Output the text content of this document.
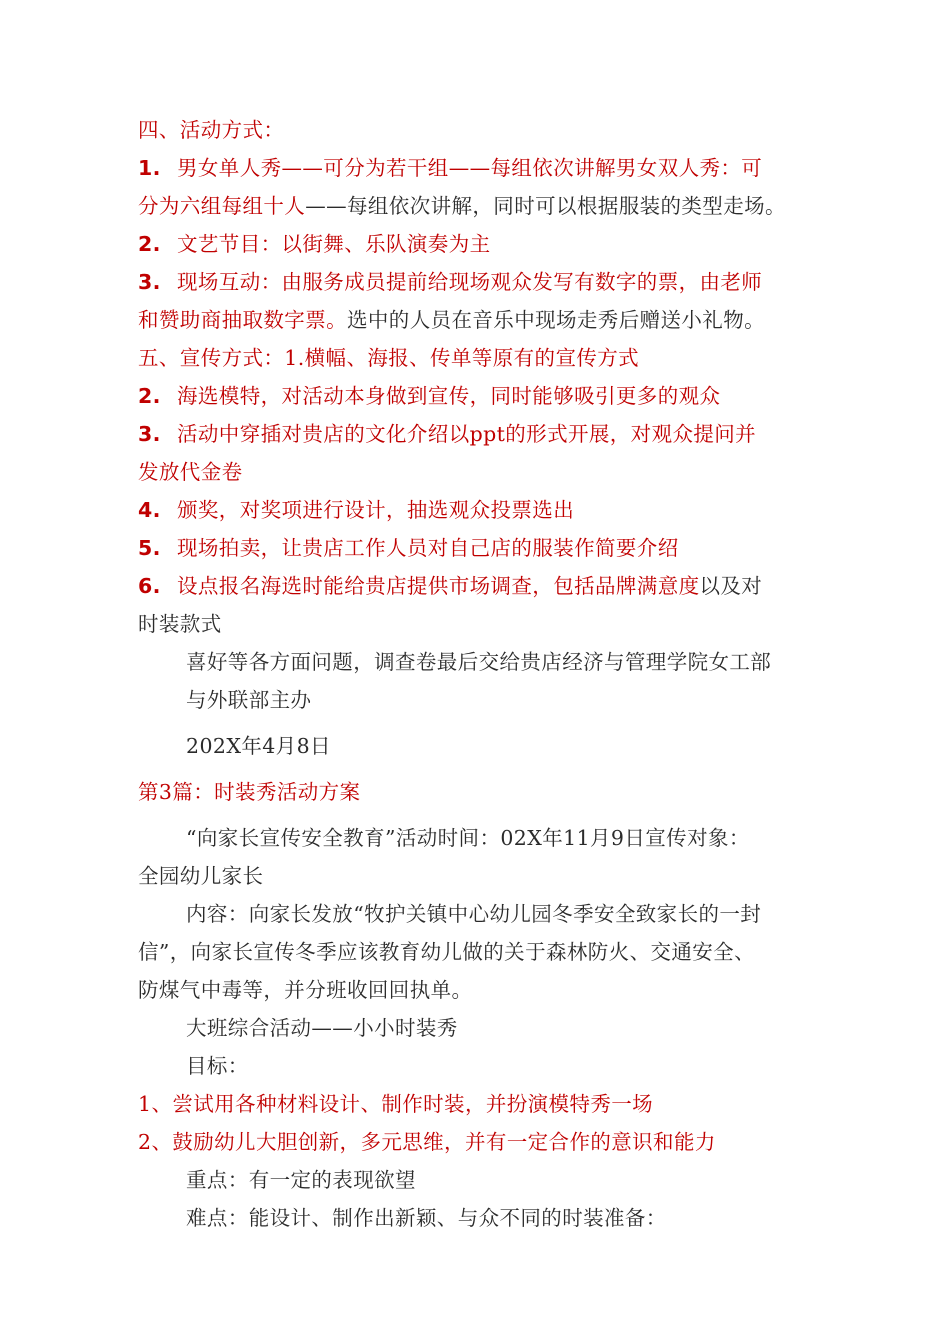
四、活动方式：

1. 男女单人秀——可分为若干组——每组依次讲解男女双人秀：可

分为六组每组十人——每组依次讲解，同时可以根据服装的类型走场。

2. 文艺节目：以街舞、乐队演奏为主

3. 现场互动：由服务成员提前给现场观众发写有数字的票，由老师

和赞助商抽取数字票。选中的人员在音乐中现场走秀后赠送小礼物。

五、宣传方式：1.横幅、海报、传单等原有的宣传方式

2. 海选模特，对活动本身做到宣传，同时能够吸引更多的观众

3. 活动中穿插对贵店的文化介绍以ppt的形式开展，对观众提问并

发放代金卷

4. 颁奖，对奖项进行设计，抽选观众投票选出

5. 现场拍卖，让贵店工作人员对自己店的服装作简要介绍

6. 设点报名海选时能给贵店提供市场调查，包括品牌满意度以及对

时装款式

喜好等各方面问题，调查卷最后交给贵店经济与管理学院女工部

与外联部主办

202X年4月8日

第3篇：时装秀活动方案

“向家长宣传安全教育”活动时间：02X年11月9日宣传对象：

全园幼儿家长

内容：向家长发放“牧护关镇中心幼儿园冬季安全致家长的一封

信”，向家长宣传冬季应该教育幼儿做的关于森林防火、交通安全、

防煤气中毒等，并分班收回回执单。

大班综合活动——小小时装秀

目标：

1、尝试用各种材料设计、制作时装，并扮演模特秀一场

2、鼓励幼儿大胆创新，多元思维，并有一定合作的意识和能力

重点：有一定的表现欲望

难点：能设计、制作出新颖、与众不同的时装准备：
